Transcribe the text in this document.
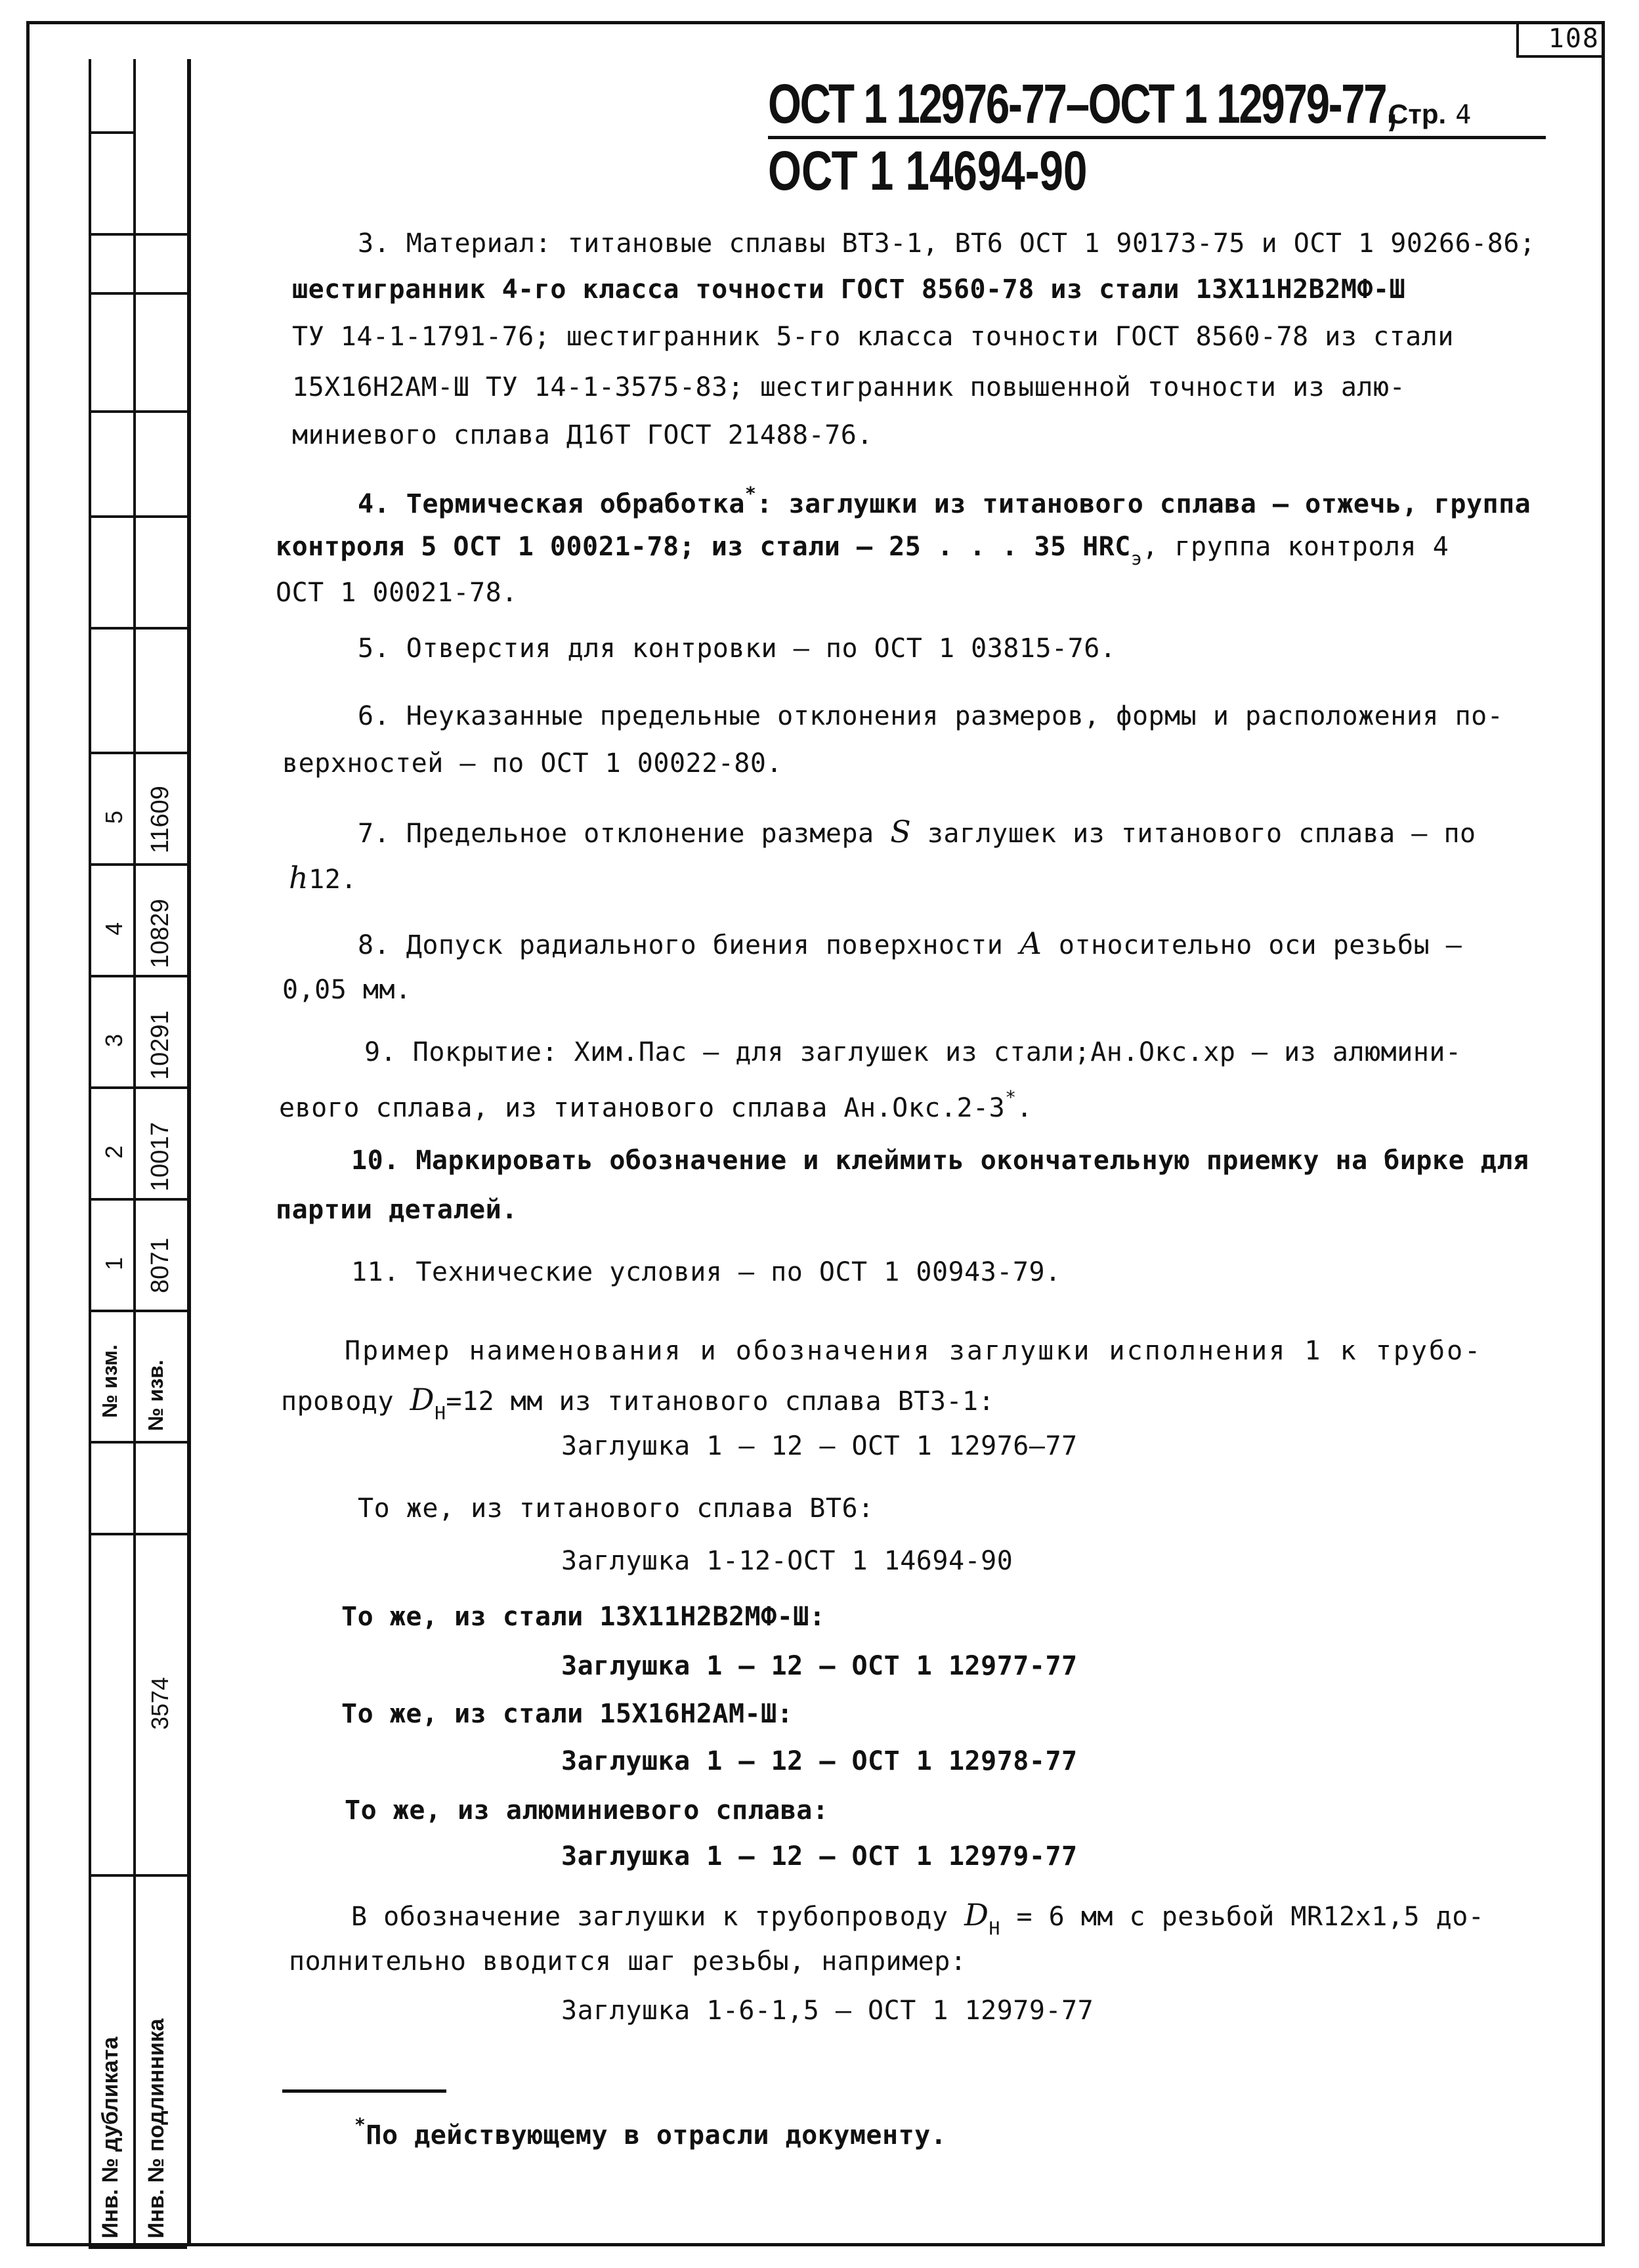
108
5
4
3
2
1
№ изм.
11609
10829
10291
10017
8071
№ изв.
3574
Инв. № дубликата Инв. № подлинника
ОСТ 1 12976-77–ОСТ 1 12979-77,
Стр. 4
ОСТ 1 14694-90
3. Материал: титановые сплавы ВТ3-1, ВТ6 ОСТ 1 90173-75 и ОСТ 1 90266-86;
шестигранник 4-го класса точности ГОСТ 8560-78 из стали 13Х11Н2В2МФ-Ш
ТУ 14-1-1791-76; шестигранник 5-го класса точности ГОСТ 8560-78 из стали
15Х16Н2АМ-Ш ТУ 14-1-3575-83; шестигранник повышенной точности из алю-
миниевого сплава Д16Т ГОСТ 21488-76.
4. Термическая обработка*: заглушки из титанового сплава – отжечь, группа
контроля 5 ОСТ 1 00021-78; из стали – 25 . . . 35 $HRC_э$, группа контроля 4
ОСТ 1 00021-78.
5. Отверстия для контровки – по ОСТ 1 03815-76.
6. Неуказанные предельные отклонения размеров, формы и расположения по-
верхностей – по ОСТ 1 00022-80.
7. Предельное отклонение размера S заглушек из титанового сплава – по
h12.
8. Допуск радиального биения поверхности А относительно оси резьбы –
0,05 мм.
9. Покрытие: Хим.Пас – для заглушек из стали;Ан.Окс.хр – из алюмини-
евого сплава, из титанового сплава Ан.Окс.2-3*.
10. Маркировать обозначение и клеймить окончательную приемку на бирке для
партии деталей.
11. Технические условия – по ОСТ 1 00943-79.
Пример наименования и обозначения заглушки исполнения 1 к трубо-
проводу $D_Н=12$ мм из титанового сплава ВТ3-1:
Заглушка 1 – 12 – ОСТ 1 12976–77
То же, из титанового сплава ВТ6:
Заглушка 1-12-ОСТ 1 14694-90
То же, из стали 13Х11Н2В2МФ-Ш:
Заглушка 1 – 12 – ОСТ 1 12977-77
То же, из стали 15Х16Н2АМ-Ш:
Заглушка 1 – 12 – ОСТ 1 12978-77
То же, из алюминиевого сплава:
Заглушка 1 – 12 – ОСТ 1 12979-77
В обозначение заглушки к трубопроводу $D_Н = 6$ мм с резьбой MR12x1,5 до-
полнительно вводится шаг резьбы, например:
Заглушка 1-6-1,5 – ОСТ 1 12979-77
*По действующему в отрасли документу.
